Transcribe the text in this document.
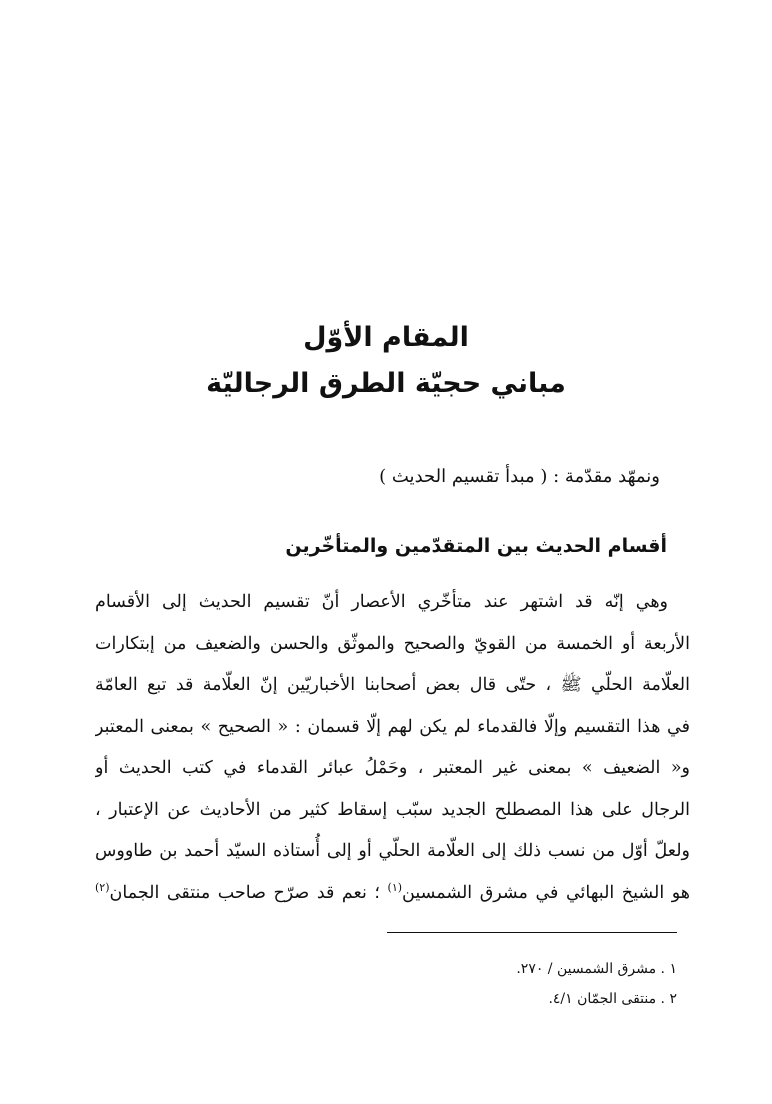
المقام الأوّل
مباني حجيّة الطرق الرجاليّة
ونمهّد مقدّمة : ( مبدأ تقسيم الحديث )
أقسام الحديث بين المتقدّمين والمتأخّرين
وهي إنّه قد اشتهر عند متأخّري الأعصار أنّ تقسيم الحديث إلى الأقسام
الأربعة أو الخمسة من القويّ والصحيح والموثّق والحسن والضعيف من إبتكارات
العلّامة الحلّي ﷺ ، حتّى قال بعض أصحابنا الأخباريّين إنّ العلّامة قد تبع العامّة
في هذا التقسيم وإلّا فالقدماء لم يكن لهم إلّا قسمان : « الصحيح » بمعنى المعتبر
و« الضعيف » بمعنى غير المعتبر ، وحَمْلُ عبائر القدماء في كتب الحديث أو
الرجال على هذا المصطلح الجديد سبّب إسقاط كثير من الأحاديث عن الإعتبار ،
ولعلّ أوّل من نسب ذلك إلى العلّامة الحلّي أو إلى أُستاذه السيّد أحمد بن طاووس
هو الشيخ البهائي في مشرق الشمسين$^{(١)}$ ؛ نعم قد صرّح صاحب منتقى الجمان$^{(٢)}$
١ . مشرق الشمسين / ٢٧٠.
٢ . منتقى الجمّان ٤/١.
